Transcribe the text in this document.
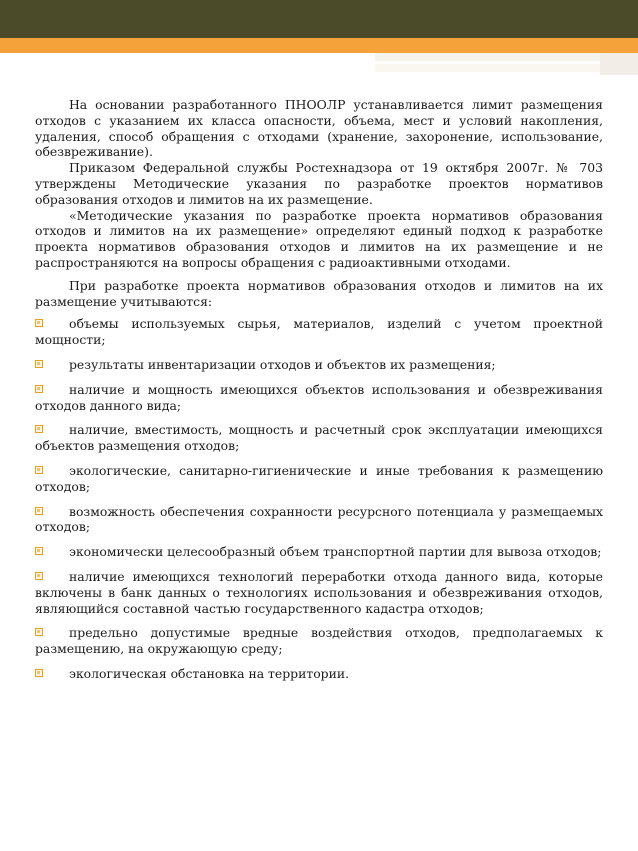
На основании разработанного ПНООЛР устанавливается лимит размещения отходов с указанием их класса опасности, объема, мест и условий накопления, удаления, способ обращения с отходами (хранение, захоронение, использование, обезвреживание).

Приказом Федеральной службы Ростехнадзора от 19 октября 2007г. № 703 утверждены Методические указания по разработке проектов нормативов образования отходов и лимитов на их размещение.

«Методические указания по разработке проекта нормативов образования отходов и лимитов на их размещение» определяют единый подход к разработке проекта нормативов образования отходов и лимитов на их размещение и не распространяются на вопросы обращения с радиоактивными отходами.

При разработке проекта нормативов образования отходов и лимитов на их размещение учитываются:

объемы используемых сырья, материалов, изделий с учетом проектной мощности;
результаты инвентаризации отходов и объектов их размещения;
наличие и мощность имеющихся объектов использования и обезвреживания отходов данного вида;
наличие, вместимость, мощность и расчетный срок эксплуатации имеющихся объектов размещения отходов;
экологические, санитарно-гигиенические и иные требования к размещению отходов;
возможность обеспечения сохранности ресурсного потенциала у размещаемых отходов;
экономически целесообразный объем транспортной партии для вывоза отходов;
наличие имеющихся технологий переработки отхода данного вида, которые включены в банк данных о технологиях использования и обезвреживания отходов, являющийся составной частью государственного кадастра отходов;
предельно допустимые вредные воздействия отходов, предполагаемых к размещению, на окружающую среду;
экологическая обстановка на территории.
